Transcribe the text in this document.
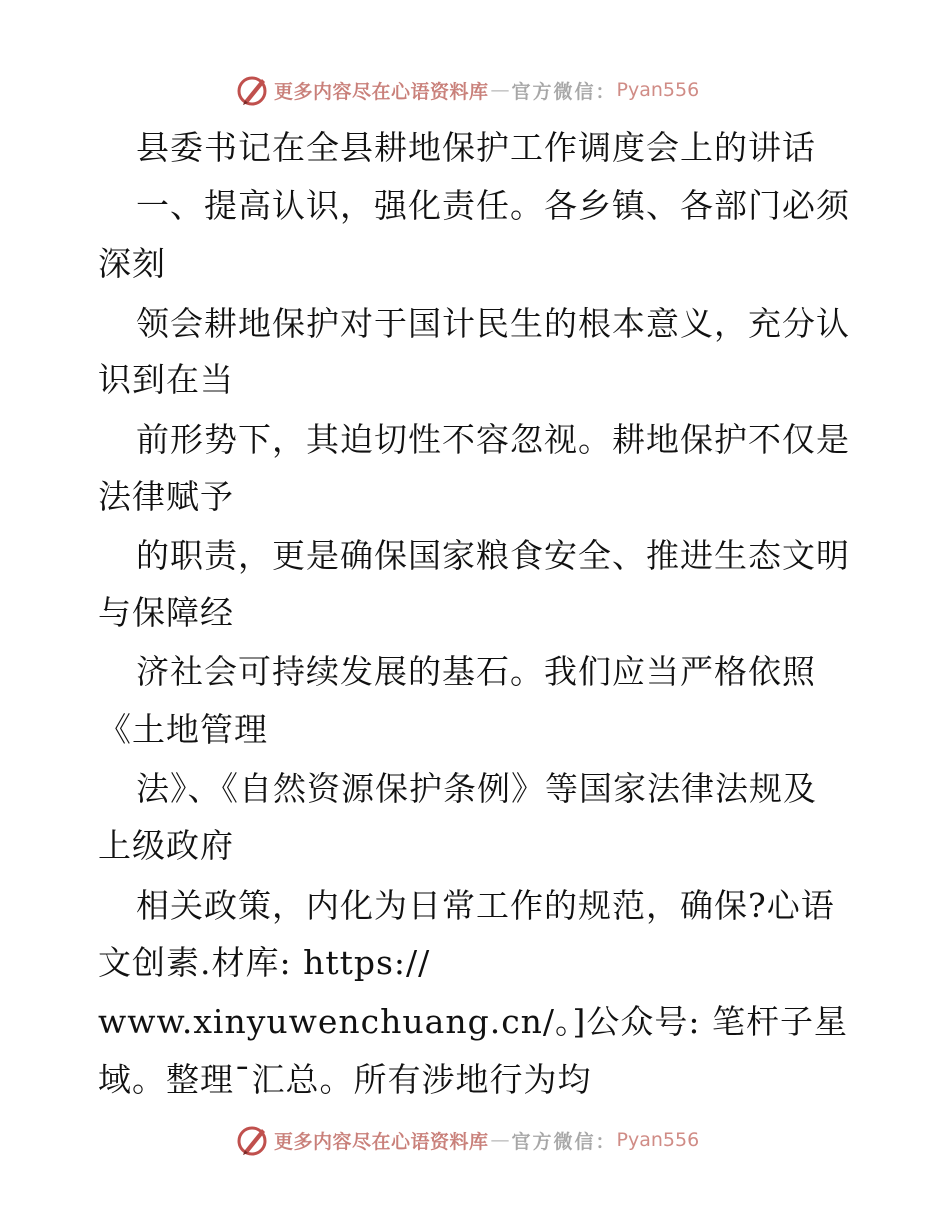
更多内容尽在心语资料库 — 官方微信： Pyan556
县委书记在全县耕地保护工作调度会上的讲话
一、提高认识，强化责任。各乡镇、各部门必须
深刻
领会耕地保护对于国计民生的根本意义，充分认
识到在当
前形势下，其迫切性不容忽视。耕地保护不仅是
法律赋予
的职责，更是确保国家粮食安全、推进生态文明
与保障经
济社会可持续发展的基石。我们应当严格依照
《土地管理
法》、《自然资源保护条例》等国家法律法规及
上级政府
相关政策，内化为日常工作的规范，确保?心语
文创素.材库: https://
www.xinyuwenchuang.cn/。]公众号: 笔杆子星
域。整理¯汇总。所有涉地行为均
更多内容尽在心语资料库 — 官方微信： Pyan556
